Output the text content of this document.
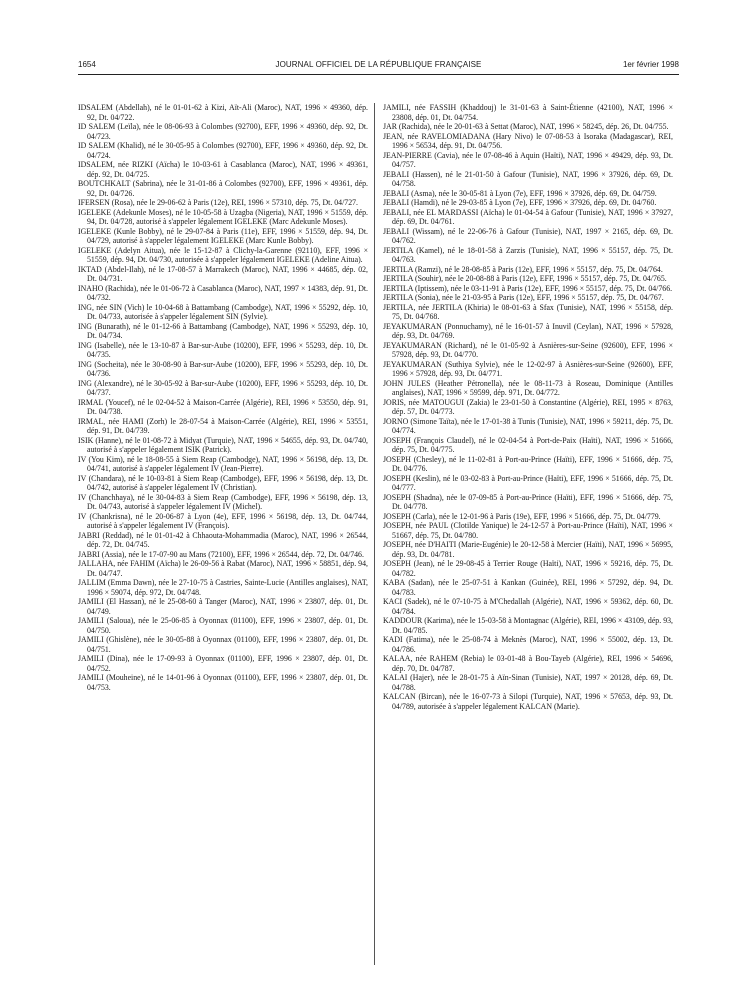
1654	JOURNAL OFFICIEL DE LA RÉPUBLIQUE FRANÇAISE	1er février 1998

IDSALEM (Abdellah), né le 01-01-62 à Kizi, Aït-Ali (Maroc), NAT, 1996 × 49360, dép. 92, Dt. 04/722.

ID SALEM (Leïla), née le 08-06-93 à Colombes (92700), EFF, 1996 × 49360, dép. 92, Dt. 04/723.

ID SALEM (Khalid), né le 30-05-95 à Colombes (92700), EFF, 1996 × 49360, dép. 92, Dt. 04/724.

IDSALEM, née RIZKI (Aïcha) le 10-03-61 à Casablanca (Maroc), NAT, 1996 × 49361, dép. 92, Dt. 04/725.

BOUTCHKALT (Sabrina), née le 31-01-86 à Colombes (92700), EFF, 1996 × 49361, dép. 92, Dt. 04/726.

IFERSEN (Rosa), née le 29-06-62 à Paris (12e), REI, 1996 × 57310, dép. 75, Dt. 04/727.

IGELEKE (Adekunle Moses), né le 10-05-58 à Uzagba (Nigeria), NAT, 1996 × 51559, dép. 94, Dt. 04/728, autorisé à s'appeler légalement IGELEKE (Marc Adekunle Moses).

IGELEKE (Kunle Bobby), né le 29-07-84 à Paris (11e), EFF, 1996 × 51559, dép. 94, Dt. 04/729, autorisé à s'appeler légalement IGELEKE (Marc Kunle Bobby).

IGELEKE (Adelyn Aitua), née le 15-12-87 à Clichy-la-Garenne (92110), EFF, 1996 × 51559, dép. 94, Dt. 04/730, autorisée à s'appeler légalement IGELEKE (Adeline Aitua).

IKTAD (Abdel-Ilah), né le 17-08-57 à Marrakech (Maroc), NAT, 1996 × 44685, dép. 02, Dt. 04/731.

INAHO (Rachida), née le 01-06-72 à Casablanca (Maroc), NAT, 1997 × 14383, dép. 91, Dt. 04/732.

ING, née SIN (Vich) le 10-04-68 à Battambang (Cambodge), NAT, 1996 × 55292, dép. 10, Dt. 04/733, autorisée à s'appeler légalement SIN (Sylvie).

ING (Bunarath), né le 01-12-66 à Battambang (Cambodge), NAT, 1996 × 55293, dép. 10, Dt. 04/734.

ING (Isabelle), née le 13-10-87 à Bar-sur-Aube (10200), EFF, 1996 × 55293, dép. 10, Dt. 04/735.

ING (Socheita), née le 30-08-90 à Bar-sur-Aube (10200), EFF, 1996 × 55293, dép. 10, Dt. 04/736.

ING (Alexandre), né le 30-05-92 à Bar-sur-Aube (10200), EFF, 1996 × 55293, dép. 10, Dt. 04/737.

IRMAL (Youcef), né le 02-04-52 à Maison-Carrée (Algérie), REI, 1996 × 53550, dép. 91, Dt. 04/738.

IRMAL, née HAMI (Zorh) le 28-07-54 à Maison-Carrée (Algérie), REI, 1996 × 53551, dép. 91, Dt. 04/739.

ISIK (Hanne), né le 01-08-72 à Midyat (Turquie), NAT, 1996 × 54655, dép. 93, Dt. 04/740, autorisé à s'appeler légalement ISIK (Patrick).

IV (You Kim), né le 18-08-55 à Siem Reap (Cambodge), NAT, 1996 × 56198, dép. 13, Dt. 04/741, autorisé à s'appeler légalement IV (Jean-Pierre).

IV (Chandara), né le 10-03-81 à Siem Reap (Cambodge), EFF, 1996 × 56198, dép. 13, Dt. 04/742, autorisé à s'appeler légalement IV (Christian).

IV (Chanchhaya), né le 30-04-83 à Siem Reap (Cambodge), EFF, 1996 × 56198, dép. 13, Dt. 04/743, autorisé à s'appeler légalement IV (Michel).

IV (Chankrisna), né le 20-06-87 à Lyon (4e), EFF, 1996 × 56198, dép. 13, Dt. 04/744, autorisé à s'appeler légalement IV (François).

JABRI (Reddad), né le 01-01-42 à Chhaouta-Mohammadia (Maroc), NAT, 1996 × 26544, dép. 72, Dt. 04/745.

JABRI (Assia), née le 17-07-90 au Mans (72100), EFF, 1996 × 26544, dép. 72, Dt. 04/746.

JALLAHA, née FAHIM (Aïcha) le 26-09-56 à Rabat (Maroc), NAT, 1996 × 58851, dép. 94, Dt. 04/747.

JALLIM (Emma Dawn), née le 27-10-75 à Castries, Sainte-Lucie (Antilles anglaises), NAT, 1996 × 59074, dép. 972, Dt. 04/748.

JAMILI (El Hassan), né le 25-08-60 à Tanger (Maroc), NAT, 1996 × 23807, dép. 01, Dt. 04/749.

JAMILI (Saloua), née le 25-06-85 à Oyonnax (01100), EFF, 1996 × 23807, dép. 01, Dt. 04/750.

JAMILI (Ghislène), née le 30-05-88 à Oyonnax (01100), EFF, 1996 × 23807, dép. 01, Dt. 04/751.

JAMILI (Dina), née le 17-09-93 à Oyonnax (01100), EFF, 1996 × 23807, dép. 01, Dt. 04/752.

JAMILI (Mouheine), né le 14-01-96 à Oyonnax (01100), EFF, 1996 × 23807, dép. 01, Dt. 04/753.

JAMILI, née FASSIH (Khaddouj) le 31-01-63 à Saint-Étienne (42100), NAT, 1996 × 23808, dép. 01, Dt. 04/754.

JAR (Rachida), née le 20-01-63 à Settat (Maroc), NAT, 1996 × 58245, dép. 26, Dt. 04/755.

JEAN, née RAVELOMIADANA (Hary Nivo) le 07-08-53 à Isoraka (Madagascar), REI, 1996 × 56534, dép. 91, Dt. 04/756.

JEAN-PIERRE (Cavia), née le 07-08-46 à Aquin (Haïti), NAT, 1996 × 49429, dép. 93, Dt. 04/757.

JEBALI (Hassen), né le 21-01-50 à Gafour (Tunisie), NAT, 1996 × 37926, dép. 69, Dt. 04/758.

JEBALI (Asma), née le 30-05-81 à Lyon (7e), EFF, 1996 × 37926, dép. 69, Dt. 04/759.

JEBALI (Hamdi), né le 29-03-85 à Lyon (7e), EFF, 1996 × 37926, dép. 69, Dt. 04/760.

JEBALI, née EL MARDASSI (Aïcha) le 01-04-54 à Gafour (Tunisie), NAT, 1996 × 37927, dép. 69, Dt. 04/761.

JEBALI (Wissam), né le 22-06-76 à Gafour (Tunisie), NAT, 1997 × 2165, dép. 69, Dt. 04/762.

JERTILA (Kamel), né le 18-01-58 à Zarzis (Tunisie), NAT, 1996 × 55157, dép. 75, Dt. 04/763.

JERTILA (Ramzi), né le 28-08-85 à Paris (12e), EFF, 1996 × 55157, dép. 75, Dt. 04/764.

JERTILA (Souhir), née le 20-08-88 à Paris (12e), EFF, 1996 × 55157, dép. 75, Dt. 04/765.

JERTILA (Iptissem), née le 03-11-91 à Paris (12e), EFF, 1996 × 55157, dép. 75, Dt. 04/766.

JERTILA (Sonia), née le 21-03-95 à Paris (12e), EFF, 1996 × 55157, dép. 75, Dt. 04/767.

JERTILA, née JERTILA (Khiria) le 08-01-63 à Sfax (Tunisie), NAT, 1996 × 55158, dép. 75, Dt. 04/768.

JEYAKUMARAN (Ponnuchamy), né le 16-01-57 à Inuvil (Ceylan), NAT, 1996 × 57928, dép. 93, Dt. 04/769.

JEYAKUMARAN (Richard), né le 01-05-92 à Asnières-sur-Seine (92600), EFF, 1996 × 57928, dép. 93, Dt. 04/770.

JEYAKUMARAN (Suthiya Sylvie), née le 12-02-97 à Asnières-sur-Seine (92600), EFF, 1996 × 57928, dép. 93, Dt. 04/771.

JOHN JULES (Heather Pétronella), née le 08-11-73 à Roseau, Dominique (Antilles anglaises), NAT, 1996 × 59599, dép. 971, Dt. 04/772.

JORIS, née MATOUGUI (Zakia) le 23-01-50 à Constantine (Algérie), REI, 1995 × 8763, dép. 57, Dt. 04/773.

JORNO (Simone Taïta), née le 17-01-38 à Tunis (Tunisie), NAT, 1996 × 59211, dép. 75, Dt. 04/774.

JOSEPH (François Claudel), né le 02-04-54 à Port-de-Paix (Haïti), NAT, 1996 × 51666, dép. 75, Dt. 04/775.

JOSEPH (Chesley), né le 11-02-81 à Port-au-Prince (Haïti), EFF, 1996 × 51666, dép. 75, Dt. 04/776.

JOSEPH (Keslin), né le 03-02-83 à Port-au-Prince (Haïti), EFF, 1996 × 51666, dép. 75, Dt. 04/777.

JOSEPH (Shadna), née le 07-09-85 à Port-au-Prince (Haïti), EFF, 1996 × 51666, dép. 75, Dt. 04/778.

JOSEPH (Carla), née le 12-01-96 à Paris (19e), EFF, 1996 × 51666, dép. 75, Dt. 04/779.

JOSEPH, née PAUL (Clotilde Yanique) le 24-12-57 à Port-au-Prince (Haïti), NAT, 1996 × 51667, dép. 75, Dt. 04/780.

JOSEPH, née D'HAITI (Marie-Eugénie) le 20-12-58 à Mercier (Haïti), NAT, 1996 × 56995, dép. 93, Dt. 04/781.

JOSEPH (Jean), né le 29-08-45 à Terrier Rouge (Haïti), NAT, 1996 × 59216, dép. 75, Dt. 04/782.

KABA (Sadan), née le 25-07-51 à Kankan (Guinée), REI, 1996 × 57292, dép. 94, Dt. 04/783.

KACI (Sadek), né le 07-10-75 à M'Chedallah (Algérie), NAT, 1996 × 59362, dép. 60, Dt. 04/784.

KADDOUR (Karima), née le 15-03-58 à Montagnac (Algérie), REI, 1996 × 43109, dép. 93, Dt. 04/785.

KADI (Fatima), née le 25-08-74 à Meknès (Maroc), NAT, 1996 × 55002, dép. 13, Dt. 04/786.

KALAA, née RAHEM (Rebia) le 03-01-48 à Bou-Tayeb (Algérie), REI, 1996 × 54696, dép. 70, Dt. 04/787.

KALAI (Hajer), née le 28-01-75 à Aïn-Sinan (Tunisie), NAT, 1997 × 20128, dép. 69, Dt. 04/788.

KALCAN (Bircan), née le 16-07-73 à Silopi (Turquie), NAT, 1996 × 57653, dép. 93, Dt. 04/789, autorisée à s'appeler légalement KALCAN (Marie).
